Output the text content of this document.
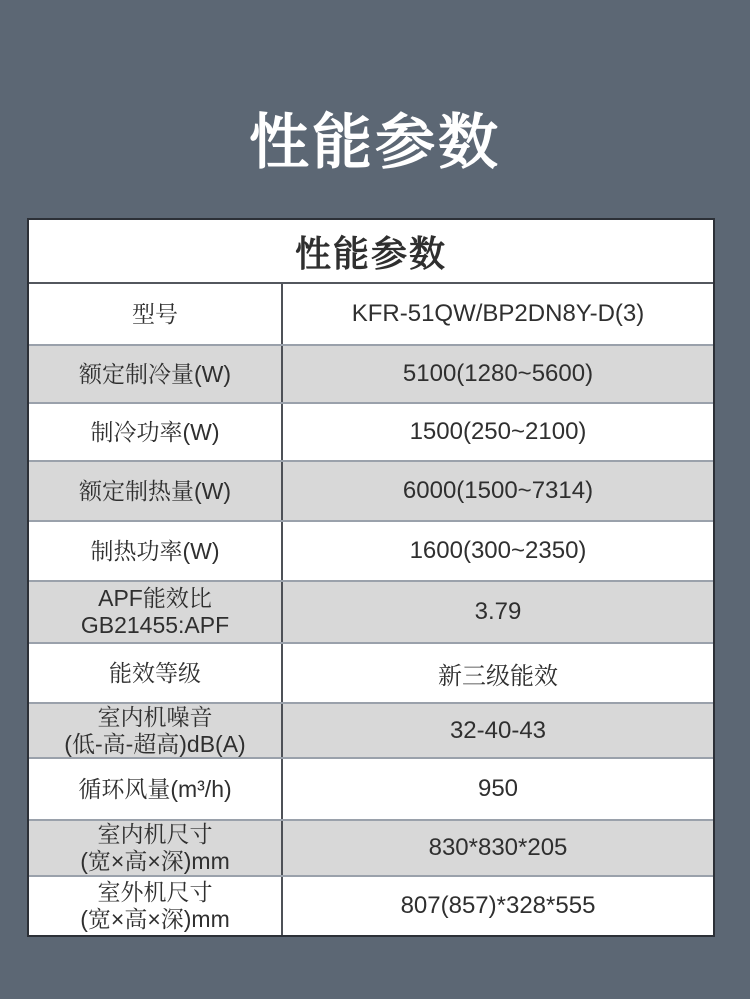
性能参数
性能参数
型号	KFR-51QW/BP2DN8Y-D(3)
额定制冷量(W)	5100(1280~5600)
制冷功率(W)	1500(250~2100)
额定制热量(W)	6000(1500~7314)
制热功率(W)	1600(300~2350)
APF能效比
GB21455:APF	3.79
能效等级	新三级能效
室内机噪音
(低-高-超高)dB(A)	32-40-43
循环风量(m³/h)	950
室内机尺寸
(宽×高×深)mm	830*830*205
室外机尺寸
(宽×高×深)mm	807(857)*328*555
